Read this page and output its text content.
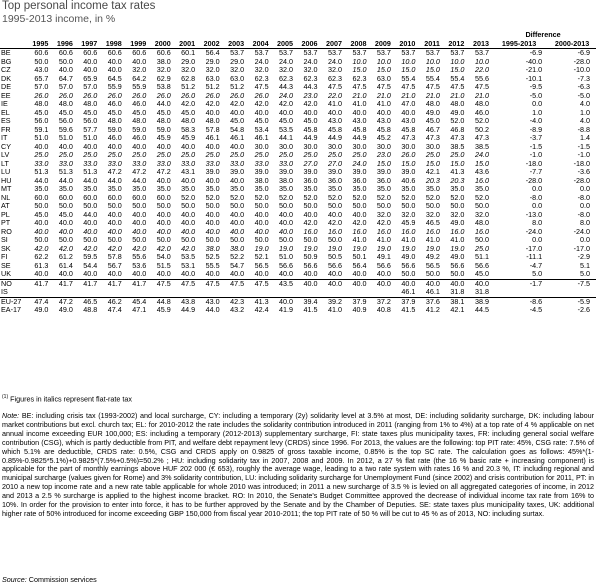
Top personal income tax rates
1995-2013 income, in %
																				Difference	
	1995	1996	1997	1998	1999	2000	2001	2002	2003	2004	2005	2006	2007	2008	2009	2010	2011	2012	2013	1995-2013	2000-2013
BE	60.6	60.6	60.6	60.6	60.6	60.6	60.1	56.4	53.7	53.7	53.7	53.7	53.7	53.7	53.7	53.7	53.7	53.7	53.7	-6.9	-6.9
BG	50.0	50.0	40.0	40.0	40.0	38.0	29.0	29.0	29.0	24.0	24.0	24.0	24.0	10.0	10.0	10.0	10.0	10.0	10.0	-40.0	-28.0
CZ	43.0	40.0	40.0	40.0	32.0	32.0	32.0	32.0	32.0	32.0	32.0	32.0	32.0	15.0	15.0	15.0	15.0	15.0	22.0	-21.0	-10.0
DK	65.7	64.7	65.9	64.5	64.2	62.9	62.8	63.0	63.0	62.3	62.3	62.3	62.3	62.3	63.0	55.4	55.4	55.4	55.6	-10.1	-7.3
DE	57.0	57.0	57.0	55.9	55.9	53.8	51.2	51.2	51.2	47.5	44.3	44.3	47.5	47.5	47.5	47.5	47.5	47.5	47.5	-9.5	-6.3
EE	26.0	26.0	26.0	26.0	26.0	26.0	26.0	26.0	26.0	26.0	24.0	23.0	22.0	21.0	21.0	21.0	21.0	21.0	21.0	-5.0	-5.0
IE	48.0	48.0	48.0	46.0	46.0	44.0	42.0	42.0	42.0	42.0	42.0	42.0	41.0	41.0	41.0	47.0	48.0	48.0	48.0	0.0	4.0
EL	45.0	45.0	45.0	45.0	45.0	45.0	45.0	40.0	40.0	40.0	40.0	40.0	40.0	40.0	40.0	40.0	49.0	49.0	46.0	1.0	1.0
ES	56.0	56.0	56.0	48.0	48.0	48.0	48.0	48.0	45.0	45.0	45.0	45.0	43.0	43.0	43.0	43.0	45.0	52.0	52.0	-4.0	4.0
FR	59.1	59.6	57.7	59.0	59.0	59.0	58.3	57.8	54.8	53.4	53.5	45.8	45.8	45.8	45.8	45.8	46.7	46.8	50.2	-8.9	-8.8
IT	51.0	51.0	51.0	46.0	46.0	45.9	45.9	46.1	46.1	46.1	44.1	44.9	44.9	44.9	45.2	47.3	47.3	47.3	47.3	-3.7	1.4
CY	40.0	40.0	40.0	40.0	40.0	40.0	40.0	40.0	40.0	30.0	30.0	30.0	30.0	30.0	30.0	30.0	30.0	38.5	38.5	-1.5	-1.5
LV	25.0	25.0	25.0	25.0	25.0	25.0	25.0	25.0	25.0	25.0	25.0	25.0	25.0	25.0	23.0	26.0	25.0	25.0	24.0	-1.0	-1.0
LT	33.0	33.0	33.0	33.0	33.0	33.0	33.0	33.0	33.0	33.0	33.0	27.0	27.0	24.0	15.0	15.0	15.0	15.0	15.0	-18.0	-18.0
LU	51.3	51.3	51.3	47.2	47.2	47.2	43.1	39.0	39.0	39.0	39.0	39.0	39.0	39.0	39.0	39.0	42.1	41.3	43.6	-7.7	-3.6
HU	44.0	44.0	44.0	44.0	44.0	40.0	40.0	40.0	40.0	38.0	38.0	36.0	36.0	36.0	36.0	40.6	20.3	20.3	16.0	-28.0	-28.0
MT	35.0	35.0	35.0	35.0	35.0	35.0	35.0	35.0	35.0	35.0	35.0	35.0	35.0	35.0	35.0	35.0	35.0	35.0	35.0	0.0	0.0
NL	60.0	60.0	60.0	60.0	60.0	60.0	52.0	52.0	52.0	52.0	52.0	52.0	52.0	52.0	52.0	52.0	52.0	52.0	52.0	-8.0	-8.0
AT	50.0	50.0	50.0	50.0	50.0	50.0	50.0	50.0	50.0	50.0	50.0	50.0	50.0	50.0	50.0	50.0	50.0	50.0	50.0	0.0	0.0
PL	45.0	45.0	44.0	40.0	40.0	40.0	40.0	40.0	40.0	40.0	40.0	40.0	40.0	40.0	32.0	32.0	32.0	32.0	32.0	-13.0	-8.0
PT	40.0	40.0	40.0	40.0	40.0	40.0	40.0	40.0	40.0	40.0	40.0	42.0	42.0	42.0	42.0	45.9	46.5	49.0	48.0	8.0	8.0
RO	40.0	40.0	40.0	40.0	40.0	40.0	40.0	40.0	40.0	40.0	40.0	16.0	16.0	16.0	16.0	16.0	16.0	16.0	16.0	-24.0	-24.0
SI	50.0	50.0	50.0	50.0	50.0	50.0	50.0	50.0	50.0	50.0	50.0	50.0	50.0	41.0	41.0	41.0	41.0	41.0	50.0	0.0	0.0
SK	42.0	42.0	42.0	42.0	42.0	42.0	42.0	38.0	38.0	19.0	19.0	19.0	19.0	19.0	19.0	19.0	19.0	19.0	25.0	-17.0	-17.0
FI	62.2	61.2	59.5	57.8	55.6	54.0	53.5	52.5	52.2	52.1	51.0	50.9	50.5	50.1	49.1	49.0	49.2	49.0	51.1	-11.1	-2.9
SE	61.3	61.4	54.4	56.7	53.6	51.5	53.1	55.5	54.7	56.5	56.6	56.6	56.6	56.4	56.6	56.6	56.5	56.6	56.6	-4.7	5.1
UK	40.0	40.0	40.0	40.0	40.0	40.0	40.0	40.0	40.0	40.0	40.0	40.0	40.0	40.0	40.0	50.0	50.0	50.0	45.0	5.0	5.0
NO	41.7	41.7	41.7	41.7	41.7	47.5	47.5	47.5	47.5	47.5	43.5	40.0	40.0	40.0	40.0	40.0	40.0	40.0	40.0	-1.7	-7.5
IS																46.1	46.1	31.8	31.8		
EU-27	47.4	47.2	46.5	46.2	45.4	44.8	43.8	43.0	42.3	41.3	40.0	39.4	39.2	37.9	37.2	37.9	37.6	38.1	38.9	-8.6	-5.9
EA-17	49.0	49.0	48.8	47.4	47.1	45.9	44.9	44.0	43.2	42.4	41.9	41.5	41.0	40.9	40.8	41.5	41.2	42.1	44.5	-4.5	-2.6
$^{(1)}$ Figures in italics represent flat-rate tax
Note: BE: including crisis tax (1993-2002) and local surcharge, CY: including a temporary (2y) solidarity level at 3.5% at most, DE: including solidarity surcharge, DK: including labour market contributions but excl. church tax; EL: for 2010-2012 the rate includes the solidarity contribution introduced in 2011 (ranging from 1% to 4%) at a top rate of 4 % applicable on net annual income exceeding EUR 100,000; ES: including a temporary (2012-2013) supplementary surcharge, FI: state taxes plus municipality taxes, FR: including general social welfare contribution (CSG), which is partly deductible from PIT, and welfare debt repayment levy (CRDS) since 1996. For 2013, the values are the following: top PIT rate: 45%, CSG rate: 7.5% of which 5.1% are deductible, CRDS rate: 0.5%, CSG and CRDS apply on 0.9825 of gross taxable income, 0.85% is the top SC rate. The calculation goes as follows: 45%*(1-0.85%-0.9825*5.1%)+0.9825*(7.5%+0.5%)=50.2% ; HU: including solidarity tax in 2007, 2008 and 2009. In 2012, a 27 % flat rate (the 16 % basic rate + increasing component) is applicable for the part of monthly earnings above HUF 202 000 (€ 653), roughly the average wage, leading to a two rate system with rates 16 % and 20.3 %, IT: including regional and municipal surcharge (values given for Rome) and 3% solidarity contribution, LU: including solidarity surcharge for Unemployment Fund (since 2002) and crisis contribution for 2011, PT: in 2010 a new top income rate and a new rate table applicable for whole 2010 was introduced; in 2011 a new surcharge of 3.5 % is levied on all aggregated categories of income, in 2012 and 2013 a 2.5 % surcharge is applied to the highest income bracket. RO: In 2010, the Senate's Budget Committee approved the decrease of individual income tax rate from 16% to 10%. In order for the provision to enter into force, it has to be further approved by the Senate and by the Chamber of Deputies. SE: state taxes plus municipality taxes, UK: additional higher rate of 50% introduced for income exceeding GBP 150,000 from fiscal year 2010-2011; the top PIT rate of 50 % will be cut to 45 % as of 2013, NO: including surtax.
Source: Commission services
